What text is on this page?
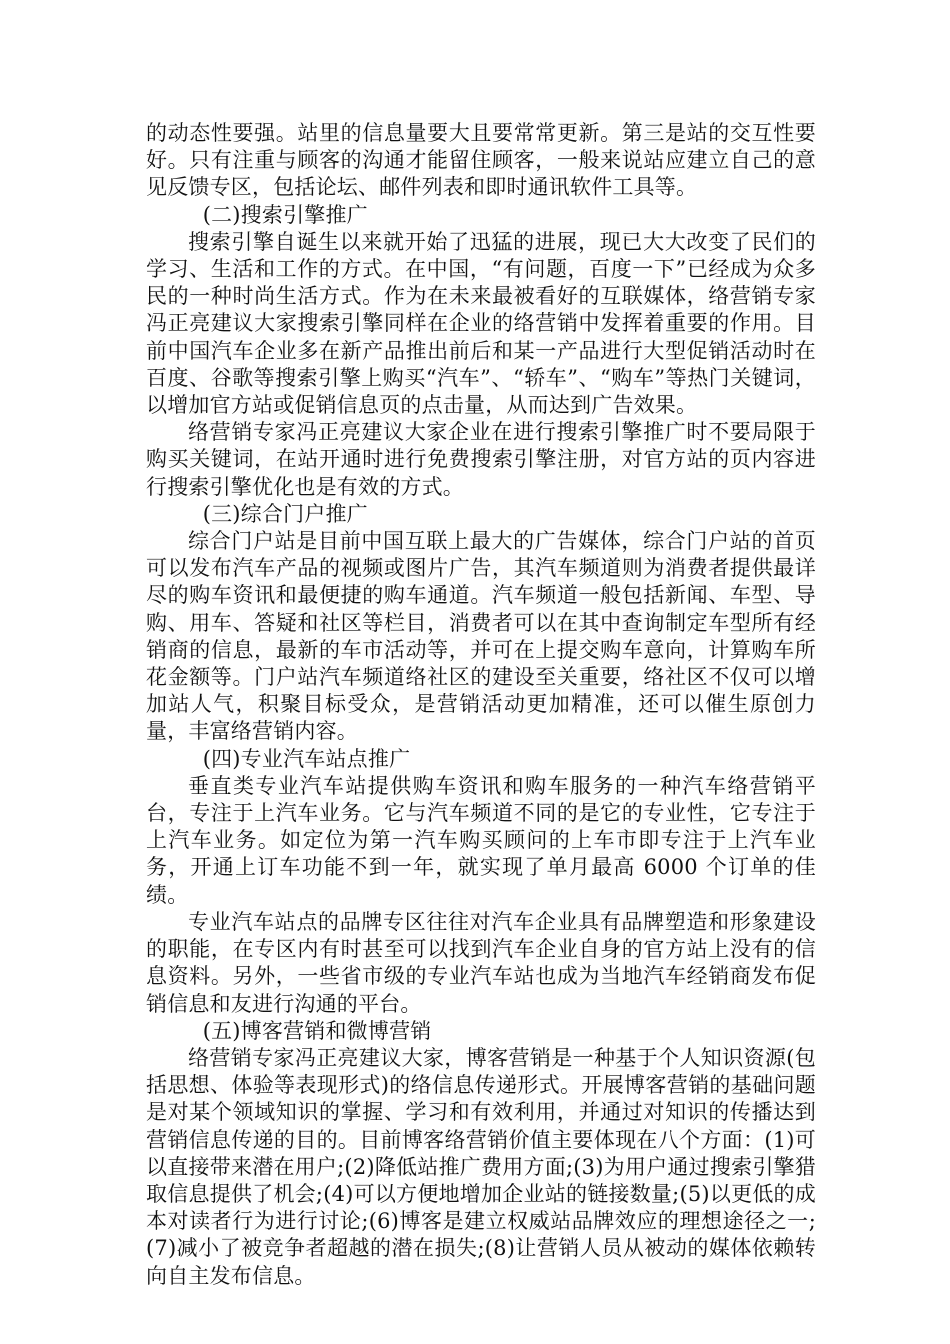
的动态性要强。站里的信息量要大且要常常更新。第三是站的交互性要好。只有注重与顾客的沟通才能留住顾客，一般来说站应建立自己的意见反馈专区，包括论坛、邮件列表和即时通讯软件工具等。

(二)搜索引擎推广

搜索引擎自诞生以来就开始了迅猛的进展，现已大大改变了民们的学习、生活和工作的方式。在中国，“有问题，百度一下”已经成为众多民的一种时尚生活方式。作为在未来最被看好的互联媒体，络营销专家冯正亮建议大家搜索引擎同样在企业的络营销中发挥着重要的作用。目前中国汽车企业多在新产品推出前后和某一产品进行大型促销活动时在百度、谷歌等搜索引擎上购买“汽车”、“轿车”、“购车”等热门关键词，以增加官方站或促销信息页的点击量，从而达到广告效果。

络营销专家冯正亮建议大家企业在进行搜索引擎推广时不要局限于购买关键词，在站开通时进行免费搜索引擎注册，对官方站的页内容进行搜索引擎优化也是有效的方式。

(三)综合门户推广

综合门户站是目前中国互联上最大的广告媒体，综合门户站的首页可以发布汽车产品的视频或图片广告，其汽车频道则为消费者提供最详尽的购车资讯和最便捷的购车通道。汽车频道一般包括新闻、车型、导购、用车、答疑和社区等栏目，消费者可以在其中查询制定车型所有经销商的信息，最新的车市活动等，并可在上提交购车意向，计算购车所花金额等。门户站汽车频道络社区的建设至关重要，络社区不仅可以增加站人气，积聚目标受众，是营销活动更加精准，还可以催生原创力量，丰富络营销内容。

(四)专业汽车站点推广

垂直类专业汽车站提供购车资讯和购车服务的一种汽车络营销平台，专注于上汽车业务。它与汽车频道不同的是它的专业性，它专注于上汽车业务。如定位为第一汽车购买顾问的上车市即专注于上汽车业务，开通上订车功能不到一年，就实现了单月最高 6000 个订单的佳绩。

专业汽车站点的品牌专区往往对汽车企业具有品牌塑造和形象建设的职能，在专区内有时甚至可以找到汽车企业自身的官方站上没有的信息资料。另外，一些省市级的专业汽车站也成为当地汽车经销商发布促销信息和友进行沟通的平台。

(五)博客营销和微博营销

络营销专家冯正亮建议大家，博客营销是一种基于个人知识资源(包括思想、体验等表现形式)的络信息传递形式。开展博客营销的基础问题是对某个领域知识的掌握、学习和有效利用，并通过对知识的传播达到营销信息传递的目的。目前博客络营销价值主要体现在八个方面：(1)可以直接带来潜在用户;(2)降低站推广费用方面;(3)为用户通过搜索引擎猎取信息提供了机会;(4)可以方便地增加企业站的链接数量;(5)以更低的成本对读者行为进行讨论;(6)博客是建立权威站品牌效应的理想途径之一;(7)减小了被竞争者超越的潜在损失;(8)让营销人员从被动的媒体依赖转向自主发布信息。
